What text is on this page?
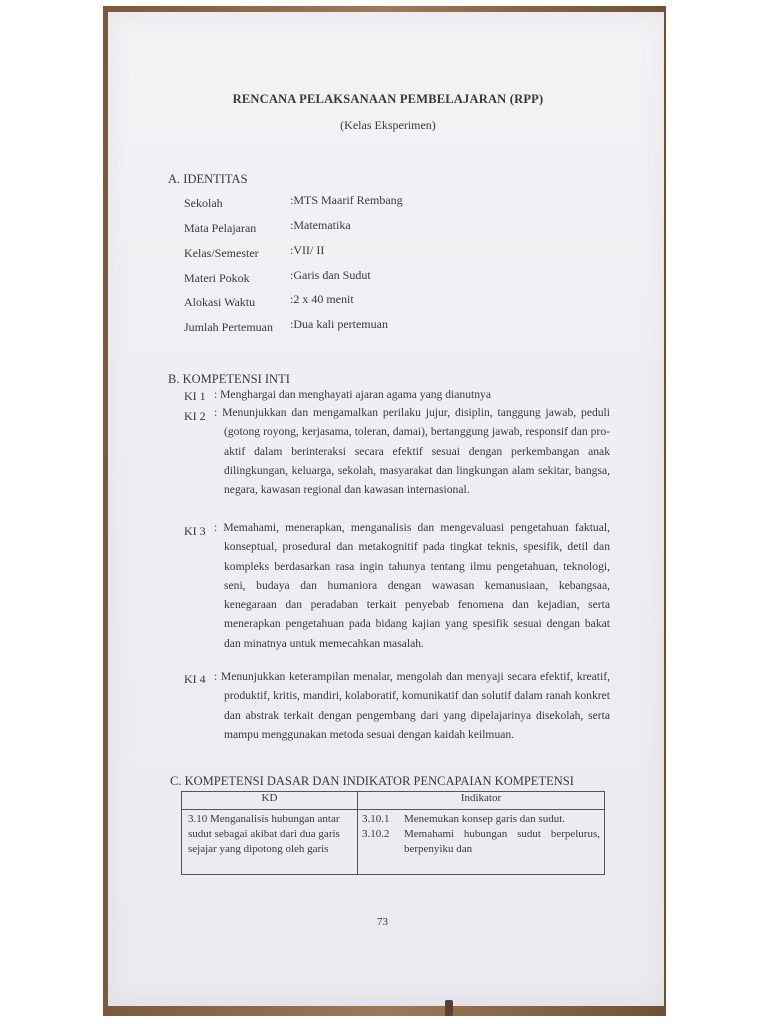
RENCANA PELAKSANAAN PEMBELAJARAN (RPP)
(Kelas Eksperimen)
A. IDENTITAS
Sekolah	:MTS Maarif Rembang
Mata Pelajaran	:Matematika
Kelas/Semester	:VII/ II
Materi Pokok	:Garis dan Sudut
Alokasi Waktu	:2 x 40 menit
Jumlah Pertemuan :Dua kali pertemuan
B. KOMPETENSI INTI
KI 1 : Menghargai dan menghayati ajaran agama yang dianutnya
KI 2 : Menunjukkan dan mengamalkan perilaku jujur, disiplin, tanggung jawab, peduli (gotong royong, kerjasama, toleran, damai), bertanggung jawab, responsif dan pro-aktif dalam berinteraksi secara efektif sesuai dengan perkembangan anak dilingkungan, keluarga, sekolah, masyarakat dan lingkungan alam sekitar, bangsa, negara, kawasan regional dan kawasan internasional.
KI 3 : Memahami, menerapkan, menganalisis dan mengevaluasi pengetahuan faktual, konseptual, prosedural dan metakognitif pada tingkat teknis, spesifik, detil dan kompleks berdasarkan rasa ingin tahunya tentang ilmu pengetahuan, teknologi, seni, budaya dan humaniora dengan wawasan kemanusiaan, kebangsaa, kenegaraan dan peradaban terkait penyebab fenomena dan kejadian, serta menerapkan pengetahuan pada bidang kajian yang spesifik sesuai dengan bakat dan minatnya untuk memecahkan masalah.
KI 4 : Menunjukkan keterampilan menalar, mengolah dan menyaji secara efektif, kreatif, produktif, kritis, mandiri, kolaboratif, komunikatif dan solutif dalam ranah konkret dan abstrak terkait dengan pengembang dari yang dipelajarinya disekolah, serta mampu menggunakan metoda sesuai dengan kaidah keilmuan.
C. KOMPETENSI DASAR DAN INDIKATOR PENCAPAIAN KOMPETENSI
KD	Indikator
3.10 Menganalisis hubungan antar sudut sebagai akibat dari dua garis sejajar yang dipotong oleh garis	3.10.1 Menemukan konsep garis dan sudut.
3.10.2 Memahami hubungan sudut berpelurus, berpenyiku dan
73
